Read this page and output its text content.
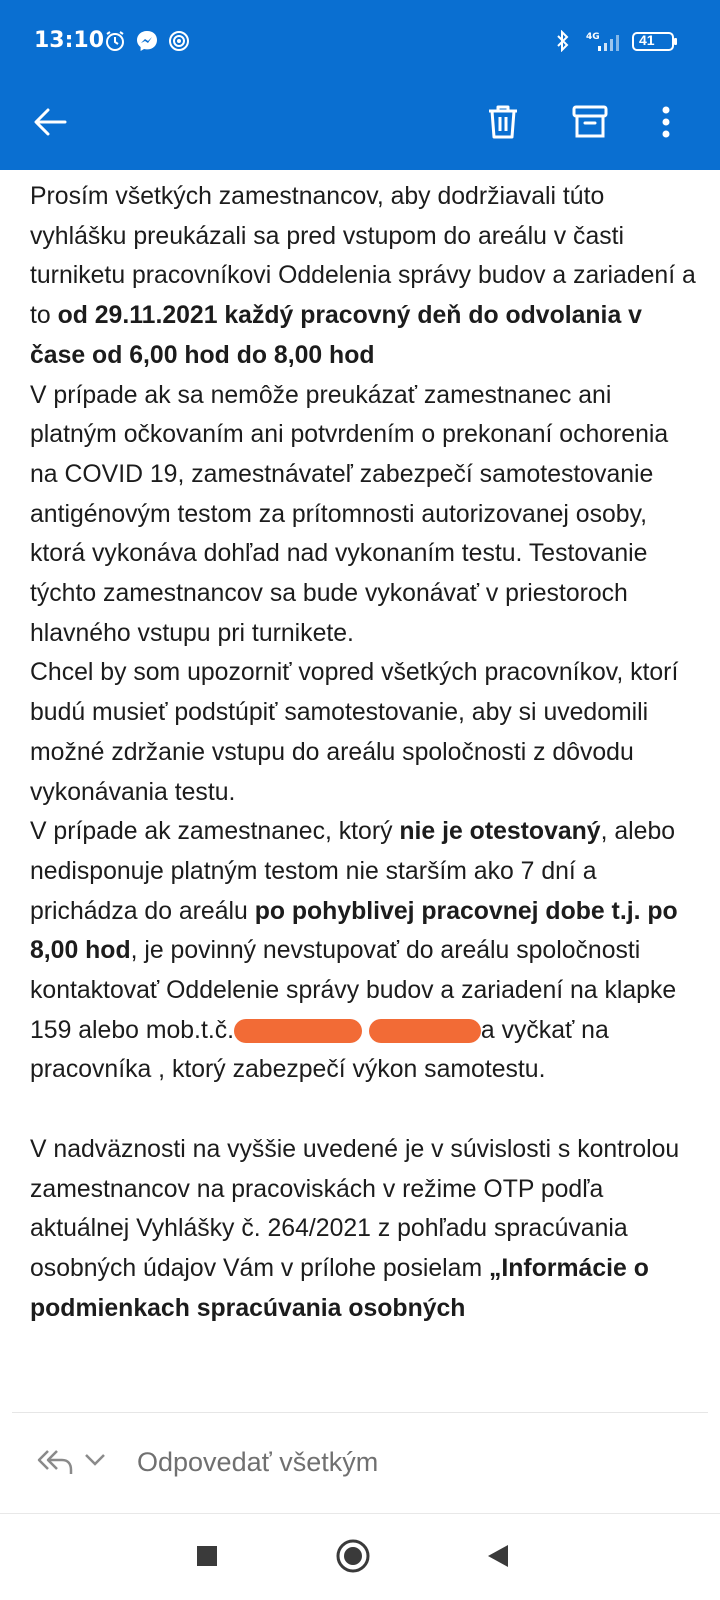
13:10	4G	41

Prosím všetkých zamestnancov, aby dodržiavali túto vyhlášku preukázali sa pred vstupom do areálu v časti turniketu pracovníkovi Oddelenia správy budov a zariadení a to od 29.11.2021 každý pracovný deň do odvolania v čase od 6,00 hod do 8,00 hod

V prípade ak sa nemôže preukázať zamestnanec ani platným očkovaním ani potvrdením o prekonaní ochorenia na COVID 19, zamestnávateľ zabezpečí samotestovanie antigénovým testom za prítomnosti autorizovanej osoby, ktorá vykonáva dohľad nad vykonaním testu. Testovanie týchto zamestnancov sa bude vykonávať v priestoroch hlavného vstupu pri turnikete.

Chcel by som upozorniť vopred všetkých pracovníkov, ktorí budú musieť podstúpiť samotestovanie, aby si uvedomili možné zdržanie vstupu do areálu spoločnosti z dôvodu vykonávania testu.

V prípade ak zamestnanec, ktorý nie je otestovaný, alebo nedisponuje platným testom nie starším ako 7 dní a prichádza do areálu po pohyblivej pracovnej dobe t.j. po 8,00 hod, je povinný nevstupovať do areálu spoločnosti kontaktovať Oddelenie správy budov a zariadení na klapke 159 alebo mob.t.č.	a vyčkať na pracovníka , ktorý zabezpečí výkon samotestu.

V nadväznosti na vyššie uvedené je v súvislosti s kontrolou zamestnancov na pracoviskách v režime OTP podľa aktuálnej Vyhlášky č. 264/2021 z pohľadu spracúvania osobných údajov Vám v prílohe posielam „Informácie o podmienkach spracúvania osobných

Odpovedať všetkým
